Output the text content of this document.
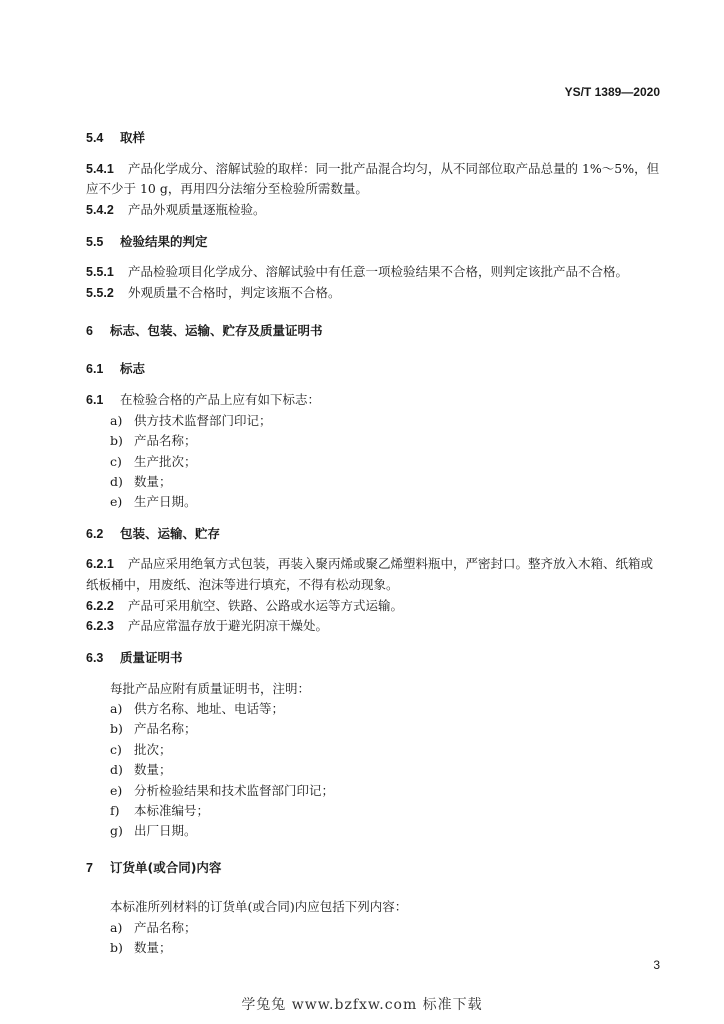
YS/T 1389—2020
5.4 取样
5.4.1 产品化学成分、溶解试验的取样：同一批产品混合均匀，从不同部位取产品总量的 1%～5%，但
应不少于 10 g，再用四分法缩分至检验所需数量。
5.4.2 产品外观质量逐瓶检验。
5.5 检验结果的判定
5.5.1 产品检验项目化学成分、溶解试验中有任意一项检验结果不合格，则判定该批产品不合格。
5.5.2 外观质量不合格时，判定该瓶不合格。
6 标志、包装、运输、贮存及质量证明书
6.1 标志
6.1 在检验合格的产品上应有如下标志：
a) 供方技术监督部门印记；
b) 产品名称；
c) 生产批次；
d) 数量；
e) 生产日期。
6.2 包装、运输、贮存
6.2.1 产品应采用绝氧方式包装，再装入聚丙烯或聚乙烯塑料瓶中，严密封口。整齐放入木箱、纸箱或
纸板桶中，用废纸、泡沫等进行填充，不得有松动现象。
6.2.2 产品可采用航空、铁路、公路或水运等方式运输。
6.2.3 产品应常温存放于避光阴凉干燥处。
6.3 质量证明书
每批产品应附有质量证明书，注明：
a) 供方名称、地址、电话等；
b) 产品名称；
c) 批次；
d) 数量；
e) 分析检验结果和技术监督部门印记；
f) 本标准编号；
g) 出厂日期。
7 订货单(或合同)内容
本标准所列材料的订货单(或合同)内应包括下列内容：
a) 产品名称；
b) 数量；
3
学兔兔 www.bzfxw.com 标准下载
